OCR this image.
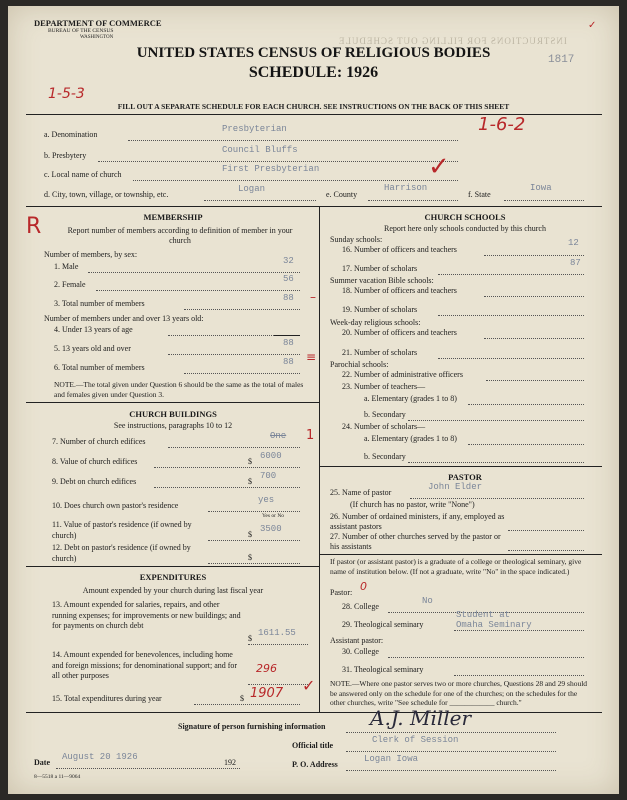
INSTRUCTIONS FOR FILLING OUT SCHEDULE
DEPARTMENT OF COMMERCE
BUREAU OF THE CENSUS
WASHINGTON
UNITED STATES CENSUS OF RELIGIOUS BODIES
SCHEDULE: 1926
1817
✓
1-5-3
FILL OUT A SEPARATE SCHEDULE FOR EACH CHURCH. SEE INSTRUCTIONS ON THE BACK OF THIS SHEET
a. Denomination
Presbyterian	1-6-2
b. Presbytery
Council Bluffs
c. Local name of church
First Presbyterian
d. City, town, village, or township, etc.
Logan
e. County
Harrison
✓
f. State
Iowa
R	MEMBERSHIP
Report number of members according to definition of member in your church
Number of members, by sex:
1. Male
32
2. Female
56
3. Total number of members
88 –
Number of members under and over 13 years old:
4. Under 13 years of age
5. 13 years old and over
88
6. Total number of members
88 ≡
NOTE.—The total given under Question 6 should be the same as the total of males and females given under Question 3.
CHURCH BUILDINGS
See instructions, paragraphs 10 to 12
7. Number of church edifices
One 1
8. Value of church edifices	$
6000
9. Debt on church edifices	$
700
10. Does church own pastor's residence
yes
Yes or No
11. Value of pastor's residence (if owned by church)	$
3500
12. Debt on pastor's residence (if owned by church)	$
EXPENDITURES
Amount expended by your church during last fiscal year
13. Amount expended for salaries, repairs, and other running expenses; for improvements or new buildings; and for payments on church debt
$
1611.55
14. Amount expended for benevolences, including home and foreign missions; for denominational support; and for all other purposes
296
15. Total expenditures during year	$ 1907 ✓
CHURCH SCHOOLS
Report here only schools conducted by this church
Sunday schools:
16. Number of officers and teachers
12
17. Number of scholars
87
Summer vacation Bible schools:
18. Number of officers and teachers
19. Number of scholars
Week-day religious schools:
20. Number of officers and teachers
21. Number of scholars
Parochial schools:
22. Number of administrative officers
23. Number of teachers—
a. Elementary (grades 1 to 8)
b. Secondary
24. Number of scholars—
a. Elementary (grades 1 to 8)
b. Secondary
PASTOR
25. Name of pastor
John Elder
(If church has no pastor, write "None")
26. Number of ordained ministers, if any, employed as assistant pastors
27. Number of other churches served by the pastor or his assistants
If pastor (or assistant pastor) is a graduate of a college or theological seminary, give name of institution below. (If not a graduate, write "No" in the space indicated.)
Pastor: 0
28. College
No
29. Theological seminary
Student at
Omaha Seminary
Assistant pastor:
30. College
31. Theological seminary
NOTE.—Where one pastor serves two or more churches, Questions 28 and 29 should be answered only on the schedule for one of the churches; on the schedules for the other churches, write "See schedule for ____________ church."
Signature of person furnishing information A.J. Miller
Official title
Clerk of Session
Date
August 20 1926
192	P. O. Address
Logan Iowa
8—5518 a 11—9064
